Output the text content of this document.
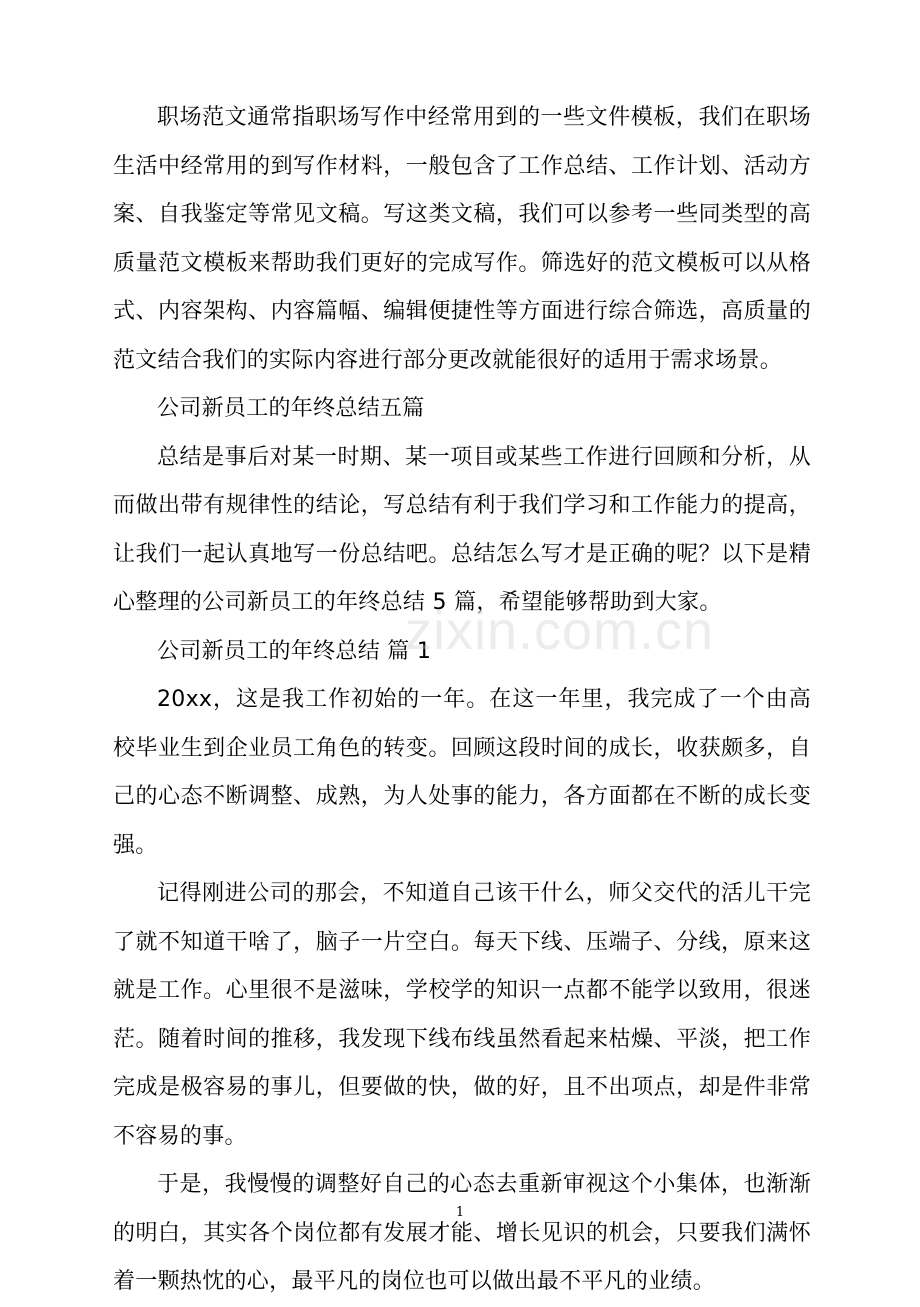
职场范文通常指职场写作中经常用到的一些文件模板，我们在职场生活中经常用的到写作材料，一般包含了工作总结、工作计划、活动方案、自我鉴定等常见文稿。写这类文稿，我们可以参考一些同类型的高质量范文模板来帮助我们更好的完成写作。筛选好的范文模板可以从格式、内容架构、内容篇幅、编辑便捷性等方面进行综合筛选，高质量的范文结合我们的实际内容进行部分更改就能很好的适用于需求场景。

公司新员工的年终总结五篇

总结是事后对某一时期、某一项目或某些工作进行回顾和分析，从而做出带有规律性的结论，写总结有利于我们学习和工作能力的提高，让我们一起认真地写一份总结吧。总结怎么写才是正确的呢？以下是精心整理的公司新员工的年终总结 5 篇，希望能够帮助到大家。

公司新员工的年终总结 篇 1

20xx，这是我工作初始的一年。在这一年里，我完成了一个由高校毕业生到企业员工角色的转变。回顾这段时间的成长，收获颇多，自己的心态不断调整、成熟，为人处事的能力，各方面都在不断的成长变强。

记得刚进公司的那会，不知道自己该干什么，师父交代的活儿干完了就不知道干啥了，脑子一片空白。每天下线、压端子、分线，原来这就是工作。心里很不是滋味，学校学的知识一点都不能学以致用，很迷茫。随着时间的推移，我发现下线布线虽然看起来枯燥、平淡，把工作完成是极容易的事儿，但要做的快，做的好，且不出项点，却是件非常不容易的事。

于是，我慢慢的调整好自己的心态去重新审视这个小集体，也渐渐的明白，其实各个岗位都有发展才能、增长见识的机会，只要我们满怀着一颗热忱的心，最平凡的岗位也可以做出最不平凡的业绩。

zixin.com.cn
1
